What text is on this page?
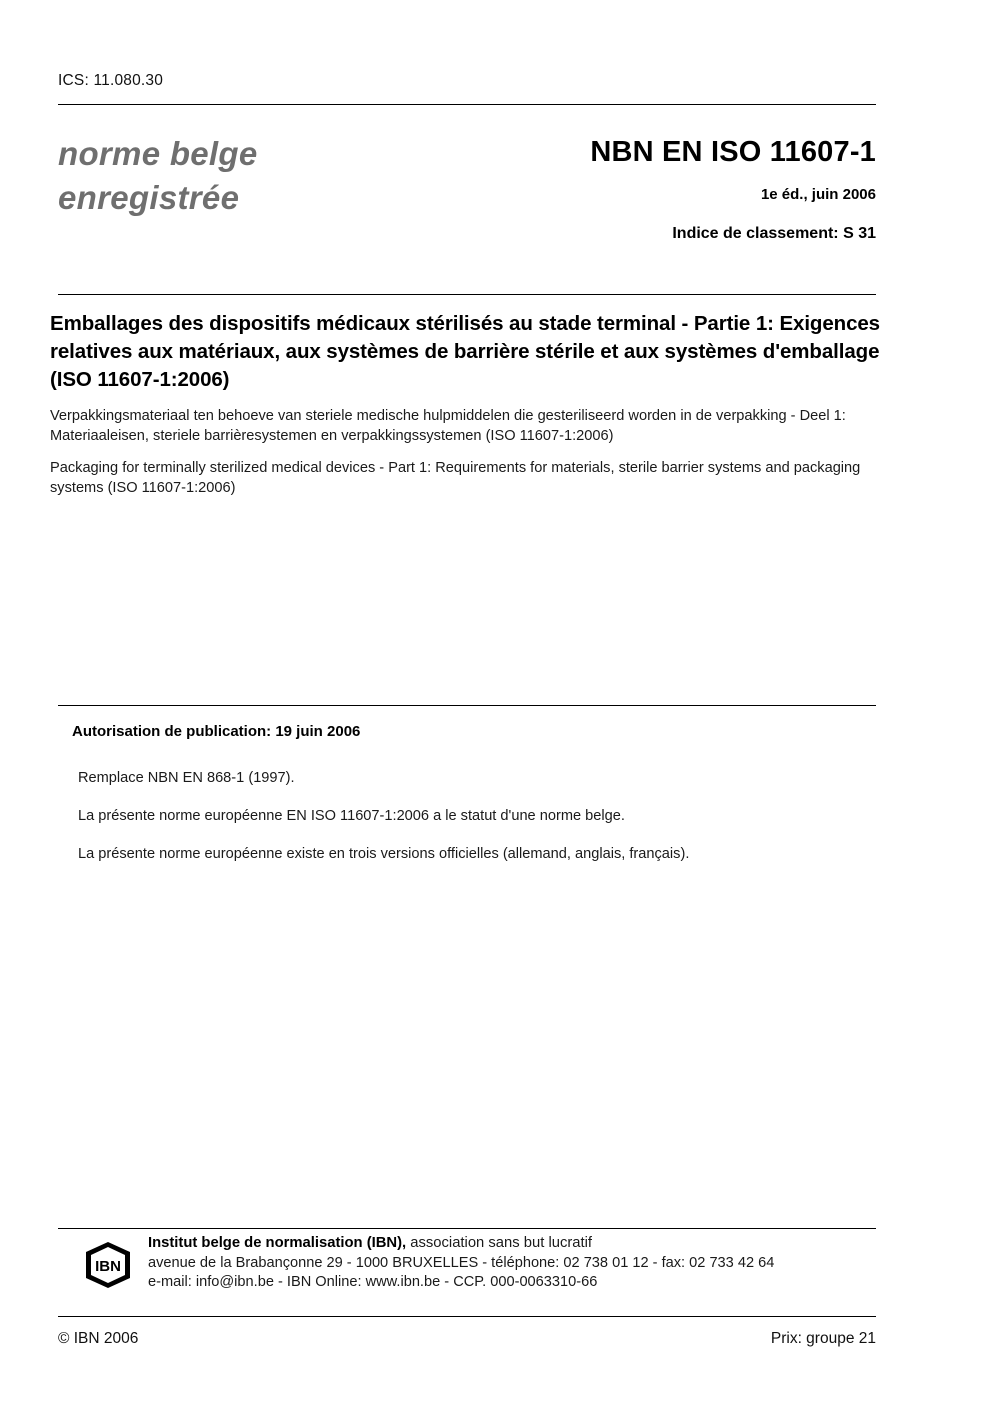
ICS: 11.080.30
norme belge
enregistrée
NBN EN ISO 11607-1
1e éd., juin 2006
Indice de classement: S 31
Emballages des dispositifs médicaux stérilisés au stade terminal - Partie 1: Exigences relatives aux matériaux, aux systèmes de barrière stérile et aux systèmes d'emballage (ISO 11607-1:2006)
Verpakkingsmateriaal ten behoeve van steriele medische hulpmiddelen die gesteriliseerd worden in de verpakking - Deel 1: Materiaaleisen, steriele barrièresystemen en verpakkingssystemen (ISO 11607-1:2006)
Packaging for terminally sterilized medical devices - Part 1: Requirements for materials, sterile barrier systems and packaging systems (ISO 11607-1:2006)
Autorisation de publication: 19 juin 2006
Remplace NBN EN 868-1 (1997).
La présente norme européenne EN ISO 11607-1:2006 a le statut d'une norme belge.
La présente norme européenne existe en trois versions officielles (allemand, anglais, français).
IBN
Institut belge de normalisation (IBN), association sans but lucratif
avenue de la Brabançonne 29 - 1000 BRUXELLES - téléphone: 02 738 01 12 - fax: 02 733 42 64
e-mail: info@ibn.be - IBN Online: www.ibn.be - CCP. 000-0063310-66
© IBN 2006	Prix: groupe 21
